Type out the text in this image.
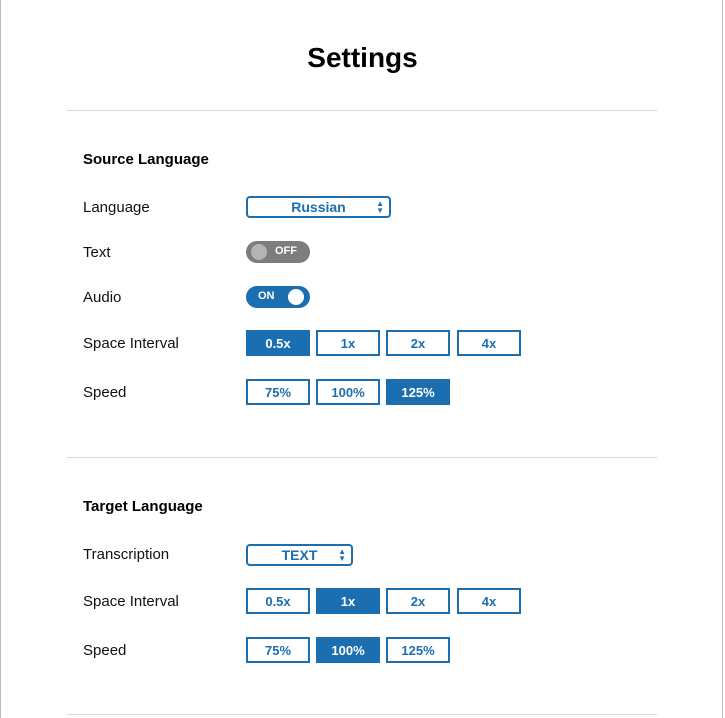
Settings
Source Language
Language	Russian	▲
▼
Text	OFF
Audio	ON
Space Interval	0.5x	1x	2x	4x
Speed	75%	100%	125%
Target Language
Transcription	TEXT	▲
▼
Space Interval	0.5x	1x	2x	4x
Speed	75%	100%	125%
